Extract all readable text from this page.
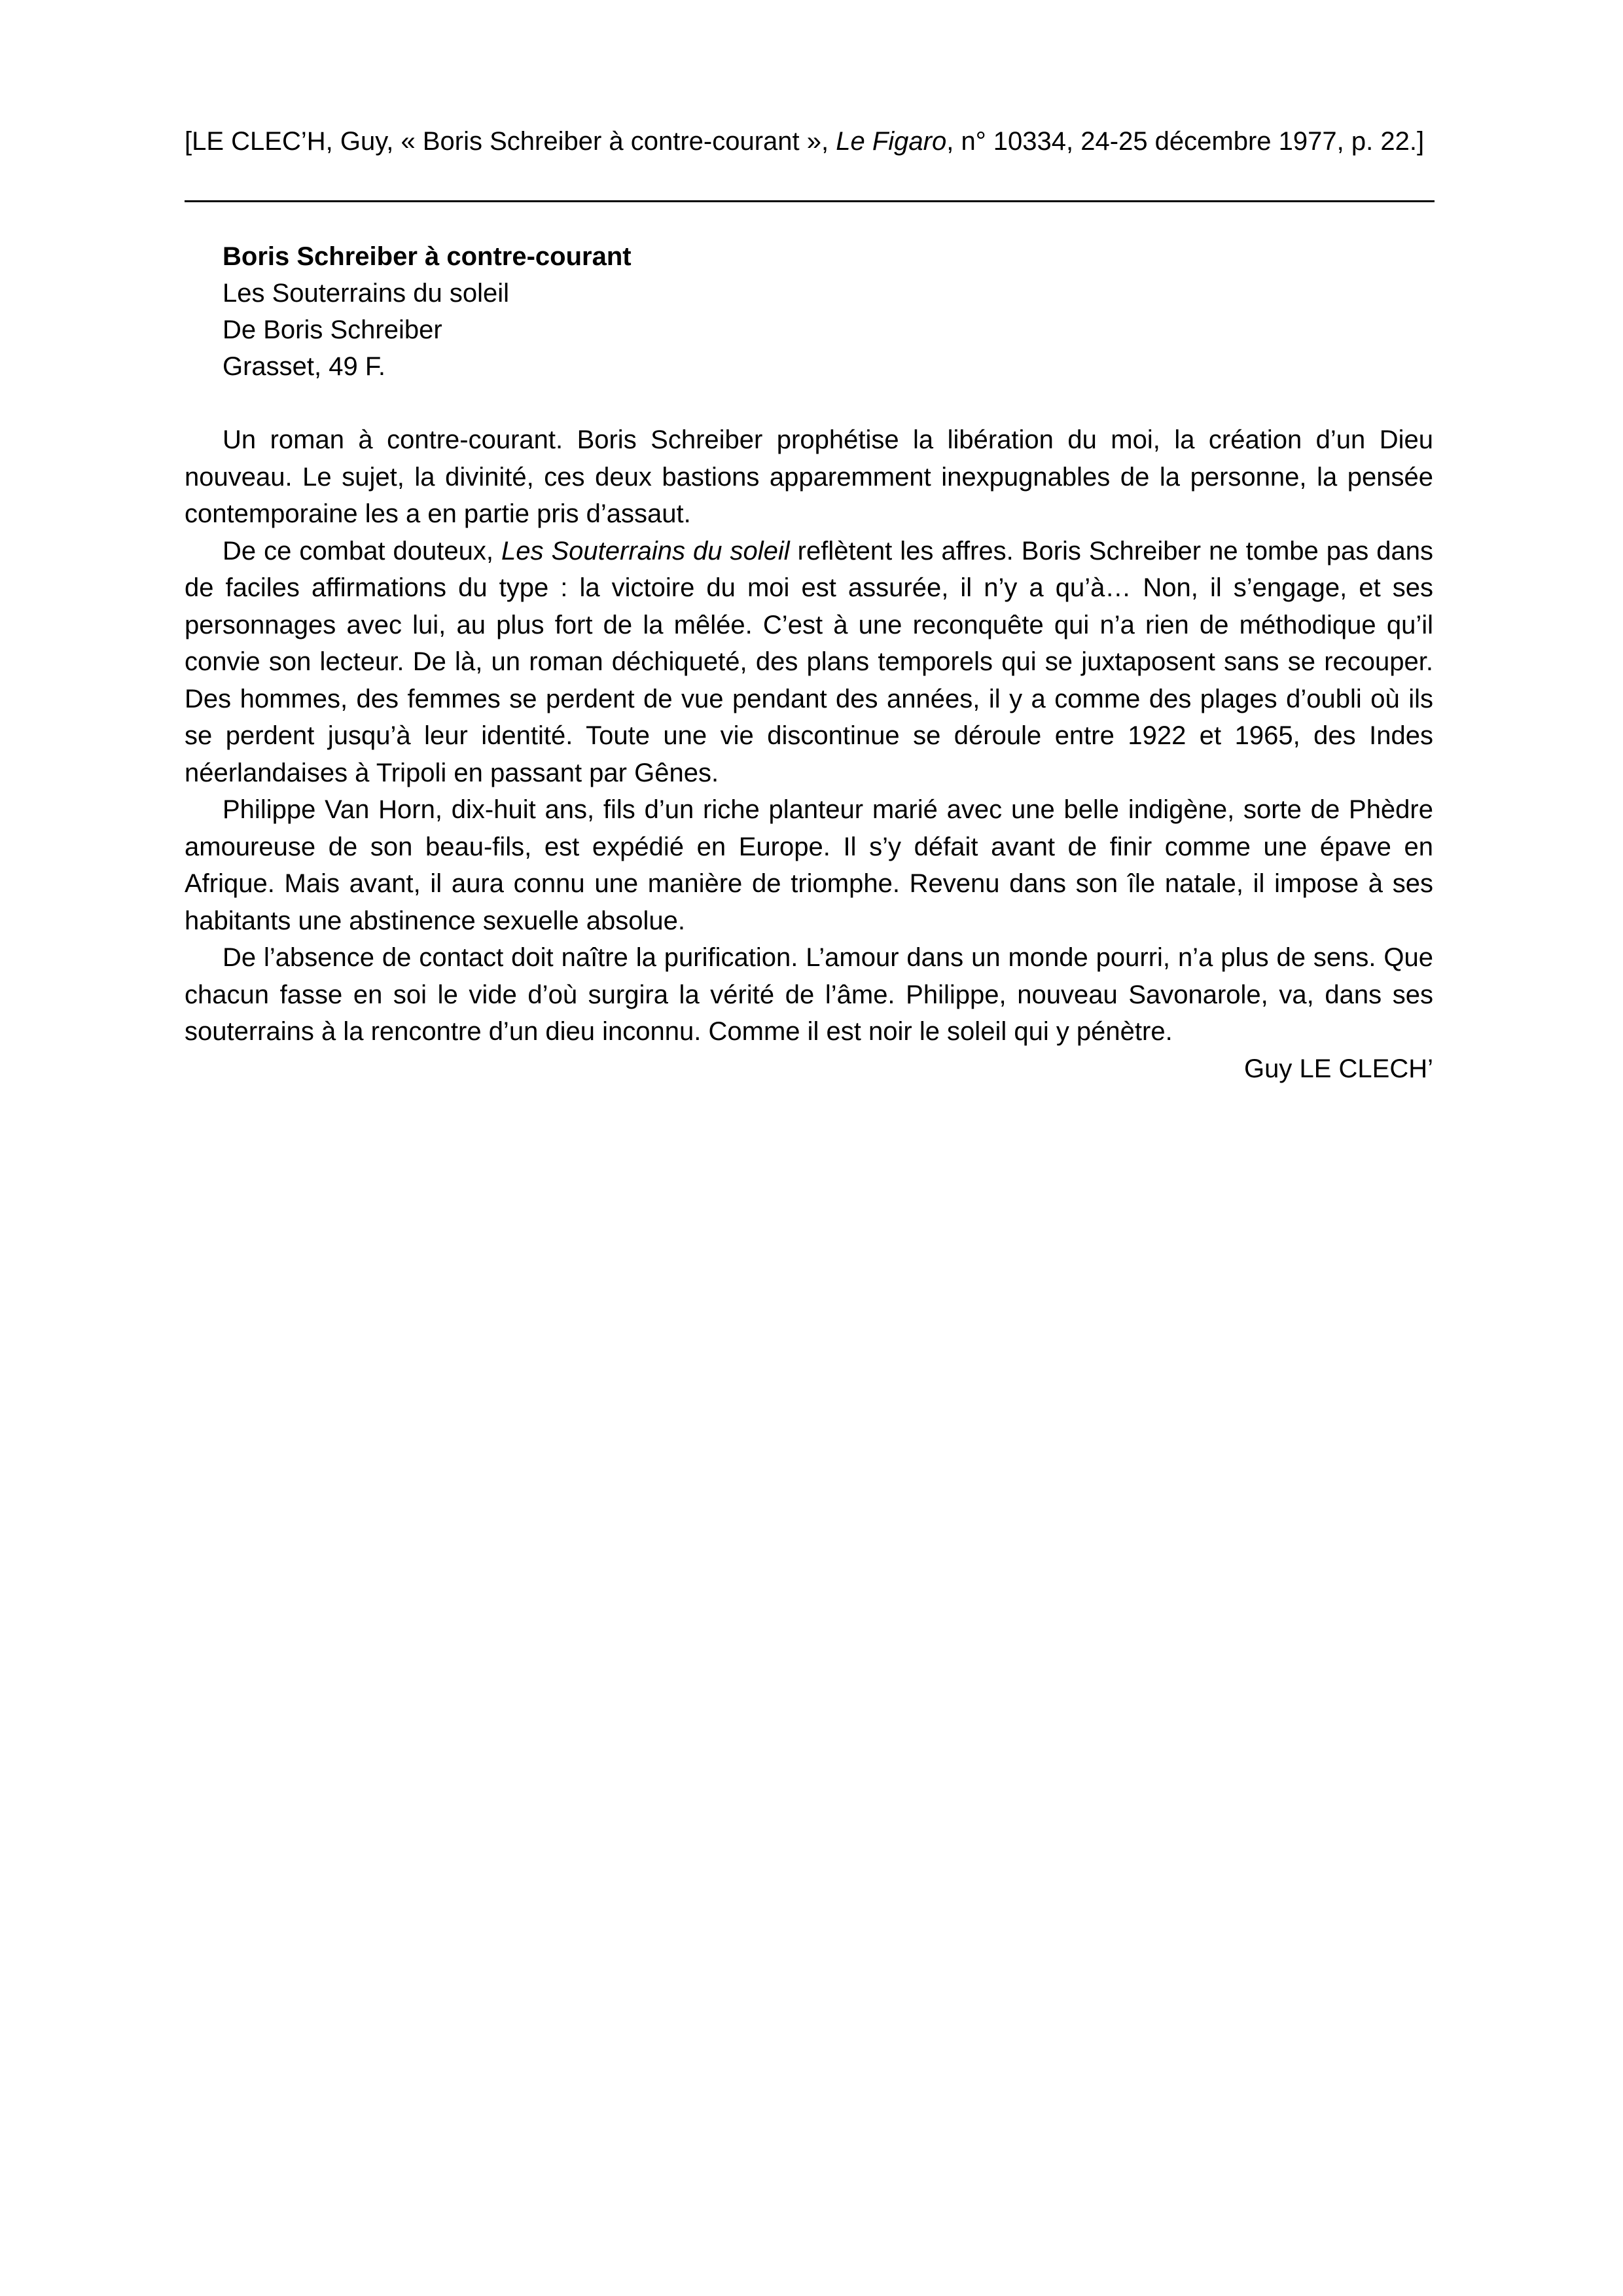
[LE CLEC’H, Guy, « Boris Schreiber à contre-courant », Le Figaro, n° 10334, 24-25 décembre 1977, p. 22.]
Boris Schreiber à contre-courant
Les Souterrains du soleil
De Boris Schreiber
Grasset, 49 F.

Un roman à contre-courant. Boris Schreiber prophétise la libération du moi, la création d’un Dieu nouveau. Le sujet, la divinité, ces deux bastions apparemment inexpugnables de la personne, la pensée contemporaine les a en partie pris d’assaut.

De ce combat douteux, Les Souterrains du soleil reflètent les affres. Boris Schreiber ne tombe pas dans de faciles affirmations du type : la victoire du moi est assurée, il n’y a qu’à… Non, il s’engage, et ses personnages avec lui, au plus fort de la mêlée. C’est à une reconquête qui n’a rien de méthodique qu’il convie son lecteur. De là, un roman déchiqueté, des plans temporels qui se juxtaposent sans se recouper. Des hommes, des femmes se perdent de vue pendant des années, il y a comme des plages d’oubli où ils se perdent jusqu’à leur identité. Toute une vie discontinue se déroule entre 1922 et 1965, des Indes néerlandaises à Tripoli en passant par Gênes.

Philippe Van Horn, dix-huit ans, fils d’un riche planteur marié avec une belle indigène, sorte de Phèdre amoureuse de son beau-fils, est expédié en Europe. Il s’y défait avant de finir comme une épave en Afrique. Mais avant, il aura connu une manière de triomphe. Revenu dans son île natale, il impose à ses habitants une abstinence sexuelle absolue.

De l’absence de contact doit naître la purification. L’amour dans un monde pourri, n’a plus de sens. Que chacun fasse en soi le vide d’où surgira la vérité de l’âme. Philippe, nouveau Savonarole, va, dans ses souterrains à la rencontre d’un dieu inconnu. Comme il est noir le soleil qui y pénètre.

Guy LE CLECH’
